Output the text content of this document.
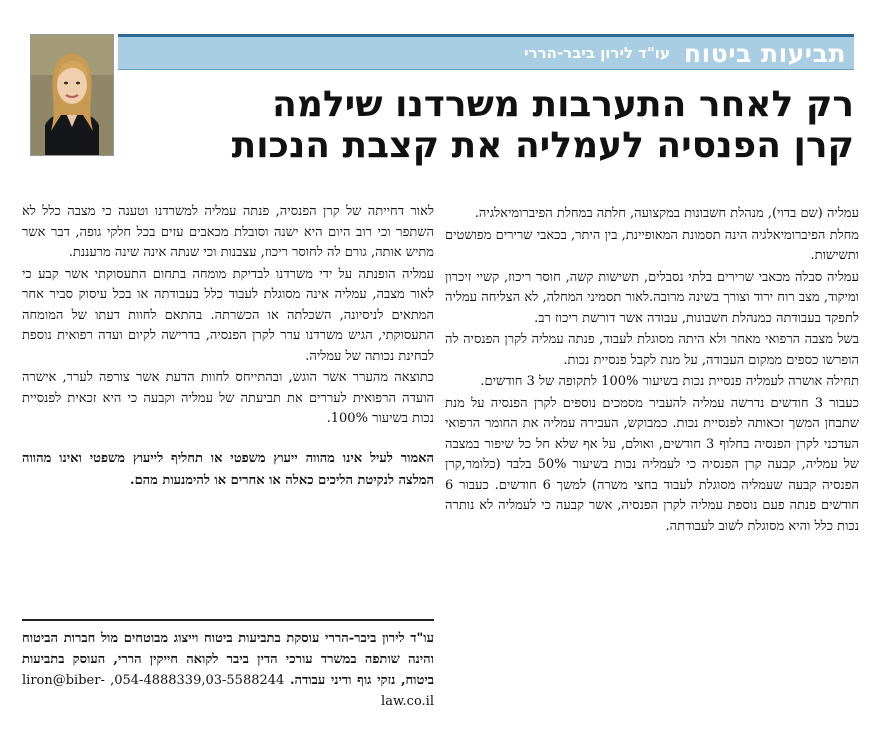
תביעות ביטוח
עו"ד לירון ביבר-הררי
רק לאחר התערבות משרדנו שילמה
קרן הפנסיה לעמליה את קצבת הנכות

עמליה (שם בדוי), מנהלת חשבונות במקצועה, חלתה במחלת הפיברומיאלגיה.

מחלת הפיברומיאלגיה הינה תסמונת המאופיינת, בין היתר, בכאבי שרירים מפושטים ותשישות.

עמליה סבלה מכאבי שרירים בלתי נסבלים, תשישות קשה, חוסר ריכוז, קשיי זיכרון ומיקוד, מצב רוח ירוד וצורך בשינה מרובה.לאור תסמיני המחלה, לא הצליחה עמליה לתפקד בעבודתה כמנהלת חשבונות, עבודה אשר דורשת ריכוז רב.

בשל מצבה הרפואי מאחר ולא היתה מסוגלת לעבוד, פנתה עמליה לקרן הפנסיה לה הופרשו כספים ממקום העבודה, על מנת לקבל פנסיית נכות.

תחילה אושרה לעמליה פנסיית נכות בשיעור 100% לתקופה של 3 חודשים.

כעבור 3 חודשים נדרשה עמליה להעביר מסמכים נוספים לקרן הפנסיה על מנת שתבחן המשך זכאותה לפנסיית נכות. כמבוקש, העבירה עמליה את החומר הרפואי העדכני לקרן הפנסיה בחלוף 3 חודשים, ואולם, על אף שלא חל כל שיפור במצבה של עמליה, קבעה קרן הפנסיה כי לעמליה נכות בשיעור 50% בלבד (כלומר,קרן הפנסיה קבעה שעמליה מסוגלת לעבוד בחצי משרה) למשך 6 חודשים. כעבור 6 חודשים פנתה פעם נוספת עמליה לקרן הפנסיה, אשר קבעה כי לעמליה לא נותרה נכות כלל והיא מסוגלת לשוב לעבודתה.

לאור דחייתה של קרן הפנסיה, פנתה עמליה למשרדנו וטענה כי מצבה כלל לא השתפר וכי רוב היום היא ישנה וסובלת מכאבים עזים בכל חלקי גופה, דבר אשר מתיש אותה, גורם לה לחוסר ריכוז, עצבנות וכי שנתה אינה שינה מרעננת.

עמליה הופנתה על ידי משרדנו לבדיקת מומחה בתחום התעסוקתי אשר קבע כי לאור מצבה, עמליה אינה מסוגלת לעבוד כלל בעבודתה או בכל עיסוק סביר אחר המתאים לניסיונה, השכלתה או הכשרתה. בהתאם לחוות דעתו של המומחה התעסוקתי, הגיש משרדנו ערר לקרן הפנסיה, בדרישה לקיום ועדה רפואית נוספת לבחינת נכותה של עמליה.

כתוצאה מהערר אשר הוגש, ובהתייחס לחוות הדעת אשר צורפה לערר, אישרה הועדה הרפואית לעררים את תביעתה של עמליה וקבעה כי היא זכאית לפנסיית נכות בשיעור 100%.

האמור לעיל אינו מהווה ייעוץ משפטי או תחליף לייעוץ משפטי ואינו מהווה המלצה לנקיטת הליכים כאלה או אחרים או להימנעות מהם.

עו"ד לירון ביבר-הררי עוסקת בתביעות ביטוח וייצוג מבוטחים מול חברות הביטוח והינה שותפה במשרד עורכי הדין ביבר לקואה חייקין הררי, העוסק בתביעות ביטוח, נזקי גוף ודיני עבודה. 054-4888339,03-5588244, liron@biber-law.co.il
